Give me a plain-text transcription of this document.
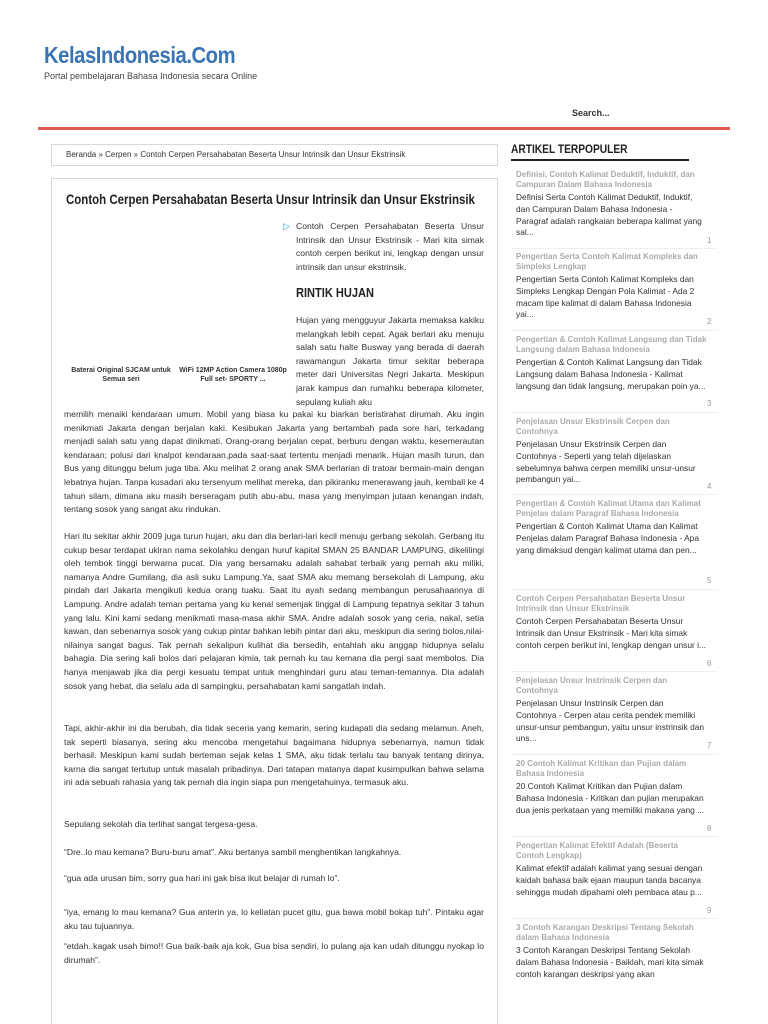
KelasIndonesia.Com
Portal pembelajaran Bahasa Indonesia secara Online
Search...
Beranda » Cerpen » Contoh Cerpen Persahabatan Beserta Unsur Intrinsik dan Unsur Ekstrinsik
Contoh Cerpen Persahabatan Beserta Unsur Intrinsik dan Unsur Ekstrinsik
Baterai Original SJCAM untuk Semua seri
WiFi 12MP Action Camera 1080p Full set- SPORTY ...
▷ Contoh Cerpen Persahabatan Beserta Unsur Intrinsik dan Unsur Ekstrinsik - Mari kita simak contoh cerpen berikut ini, lengkap dengan unsur intrinsik dan unsur ekstrinsik.
RINTIK HUJAN
Hujan yang mengguyur Jakarta memaksa kakiku melangkah lebih cepat. Agak berlari aku menuju salah satu halte Busway yang berada di daerah rawamangun Jakarta timur sekitar beberapa meter dari Universitas Negri Jakarta. Meskipun jarak kampus dan rumahku beberapa kilometer, sepulang kuliah aku
memilih menaiki kendaraan umum. Mobil yang biasa ku pakai ku biarkan beristirahat dirumah. Aku ingin menikmati Jakarta dengan berjalan kaki. Kesibukan Jakarta yang bertambah pada sore hari, terkadang menjadi salah satu yang dapat dinikmati. Orang-orang berjalan cepat, berburu dengan waktu, kesemerautan kendaraan; polusi dari knalpot kendaraan,pada saat-saat tertentu menjadi menarik. Hujan masih turun, dan Bus yang ditunggu belum juga tiba. Aku melihat 2 orang anak SMA berlarian di tratoar bermain-main dengan lebatnya hujan. Tanpa kusadari aku tersenyum melihat mereka, dan pikiranku menerawang jauh, kembali ke 4 tahun silam, dimana aku masih berseragam putih abu-abu, masa yang menyimpan jutaan kenangan indah, tentang sosok yang sangat aku rindukan.
Hari itu sekitar akhir 2009 juga turun hujan, aku dan dia berlari-lari kecil menuju gerbang sekolah. Gerbang itu cukup besar terdapat ukiran nama sekolahku dengan huruf kapital SMAN 25 BANDAR LAMPUNG, dikelilingi oleh tembok tinggi berwarna pucat. Dia yang bersamaku adalah sahabat terbaik yang pernah aku miliki, namanya Andre Gumilang, dia asli suku Lampung.Ya, saat SMA aku memang bersekolah di Lampung, aku pindah dari Jakarta mengikuti kedua orang tuaku. Saat itu ayah sedang membangun perusahaannya di Lampung. Andre adalah teman pertama yang ku kenal semenjak tinggal di Lampung tepatnya sekitar 3 tahun yang lalu. Kini kami sedang menikmati masa-masa akhir SMA. Andre adalah sosok yang ceria, nakal, setia kawan, dan sebenarnya sosok yang cukup pintar bahkan lebih pintar dari aku, meskipun dia sering bolos,nilai-nilainya sangat bagus. Tak pernah sekalipun kulihat dia bersedih, entahlah aku anggap hidupnya selalu bahagia. Dia sering kali bolos dari pelajaran kimia, tak pernah ku tau kemana dia pergi saat membolos. Dia hanya menjawab jika dia pergi kesuatu tempat untuk menghindari guru atau teman-temannya. Dia adalah sosok yang hebat, dia selalu ada di sampingku, persahabatan kami sangatlah indah.
Tapi, akhir-akhir ini dia berubah, dia tidak seceria yang kemarin, sering kudapati dia sedang melamun. Aneh, tak seperti biasanya, sering aku mencoba mengetahui bagaimana hidupnya sebenarnya, namun tidak berhasil. Meskipun kami sudah berteman sejak kelas 1 SMA, aku tidak terlalu tau banyak tentang dirinya, karna dia sangat tertutup untuk masalah pribadinya. Dari tatapan matanya dapat kusimpulkan bahwa selama ini ada sebuah rahasia yang tak pernah dia ingin siapa pun mengetahuinya, termasuk aku.
Sepulang sekolah dia terlihat sangat tergesa-gesa.
“Dre..lo mau kemana? Buru-buru amat”. Aku bertanya sambil menghentikan langkahnya.
“gua ada urusan bim, sorry gua hari ini gak bisa ikut belajar di rumah lo”.
“iya, emang lo mau kemana? Gua anterin ya, lo keliatan pucet gitu, gua bawa mobil bokap tuh”. Pintaku agar aku tau tujuannya.
“etdah..kagak usah bimo!! Gua baik-baik aja kok, Gua bisa sendiri, lo pulang aja kan udah ditunggu nyokap lo dirumah”.
ARTIKEL TERPOPULER
Definisi, Contoh Kalimat Deduktif, Induktif, dan Campuran Dalam Bahasa Indonesia
Definisi Serta Contoh Kalimat Deduktif, Induktif, dan Campuran Dalam Bahasa Indonesia - Paragraf adalah rangkaian beberapa kalimat yang sal...
1
Pengertian Serta Contoh Kalimat Kompleks dan Simpleks Lengkap
Pengertian Serta Contoh Kalimat Kompleks dan Simpleks Lengkap Dengan Pola Kalimat - Ada 2 macam tipe kalimat di dalam Bahasa Indonesia yai...
2
Pengertian & Contoh Kalimat Langsung dan Tidak Langsung dalam Bahasa Indonesia
Pengertian & Contoh Kalimat Langsung dan Tidak Langsung dalam Bahasa Indonesia - Kalimat langsung dan tidak langsung, merupakan poin ya...
3
Penjelasan Unsur Ekstrinsik Cerpen dan Contohnya
Penjelasan Unsur Ekstrinsik Cerpen dan Contohnya - Seperti yang telah dijelaskan sebelumnya bahwa cerpen memiliki unsur-unsur pembangun yai...
4
Pengertian & Contoh Kalimat Utama dan Kalimat Penjelas dalam Paragraf Bahasa Indonesia
Pengertian & Contoh Kalimat Utama dan Kalimat Penjelas dalam Paragraf Bahasa Indonesia - Apa yang dimaksud dengan kalimat utama dan pen...
5
Contoh Cerpen Persahabatan Beserta Unsur Intrinsik dan Unsur Ekstrinsik
Contoh Cerpen Persahabatan Beserta Unsur Intrinsik dan Unsur Ekstrinsik - Mari kita simak contoh cerpen berikut ini, lengkap dengan unsur i...
6
Penjelasan Unsur Instrinsik Cerpen dan Contohnya
Penjelasan Unsur Instrinsik Cerpen dan Contohnya - Cerpen atau cerita pendek memiliki unsur-unsur pembangun, yaitu unsur instrinsik dan uns...
7
20 Contoh Kalimat Kritikan dan Pujian dalam Bahasa Indonesia
20 Contoh Kalimat Kritikan dan Pujian dalam Bahasa Indonesia - Kritikan dan pujian merupakan dua jenis perkataan yang memiliki makana yang ...
8
Pengertian Kalimat Efektif Adalah (Beserta Contoh Lengkap)
Kalimat efektif adalah kalimat yang sesuai dengan kaidah bahasa baik ejaan maupun tanda bacanya sehingga mudah dipahami oleh pembaca atau p...
9
3 Contoh Karangan Deskripsi Tentang Sekolah dalam Bahasa Indonesia
3 Contoh Karangan Deskripsi Tentang Sekolah dalam Bahasa Indonesia - Baiklah, mari kita simak contoh karangan deskripsi yang akan
